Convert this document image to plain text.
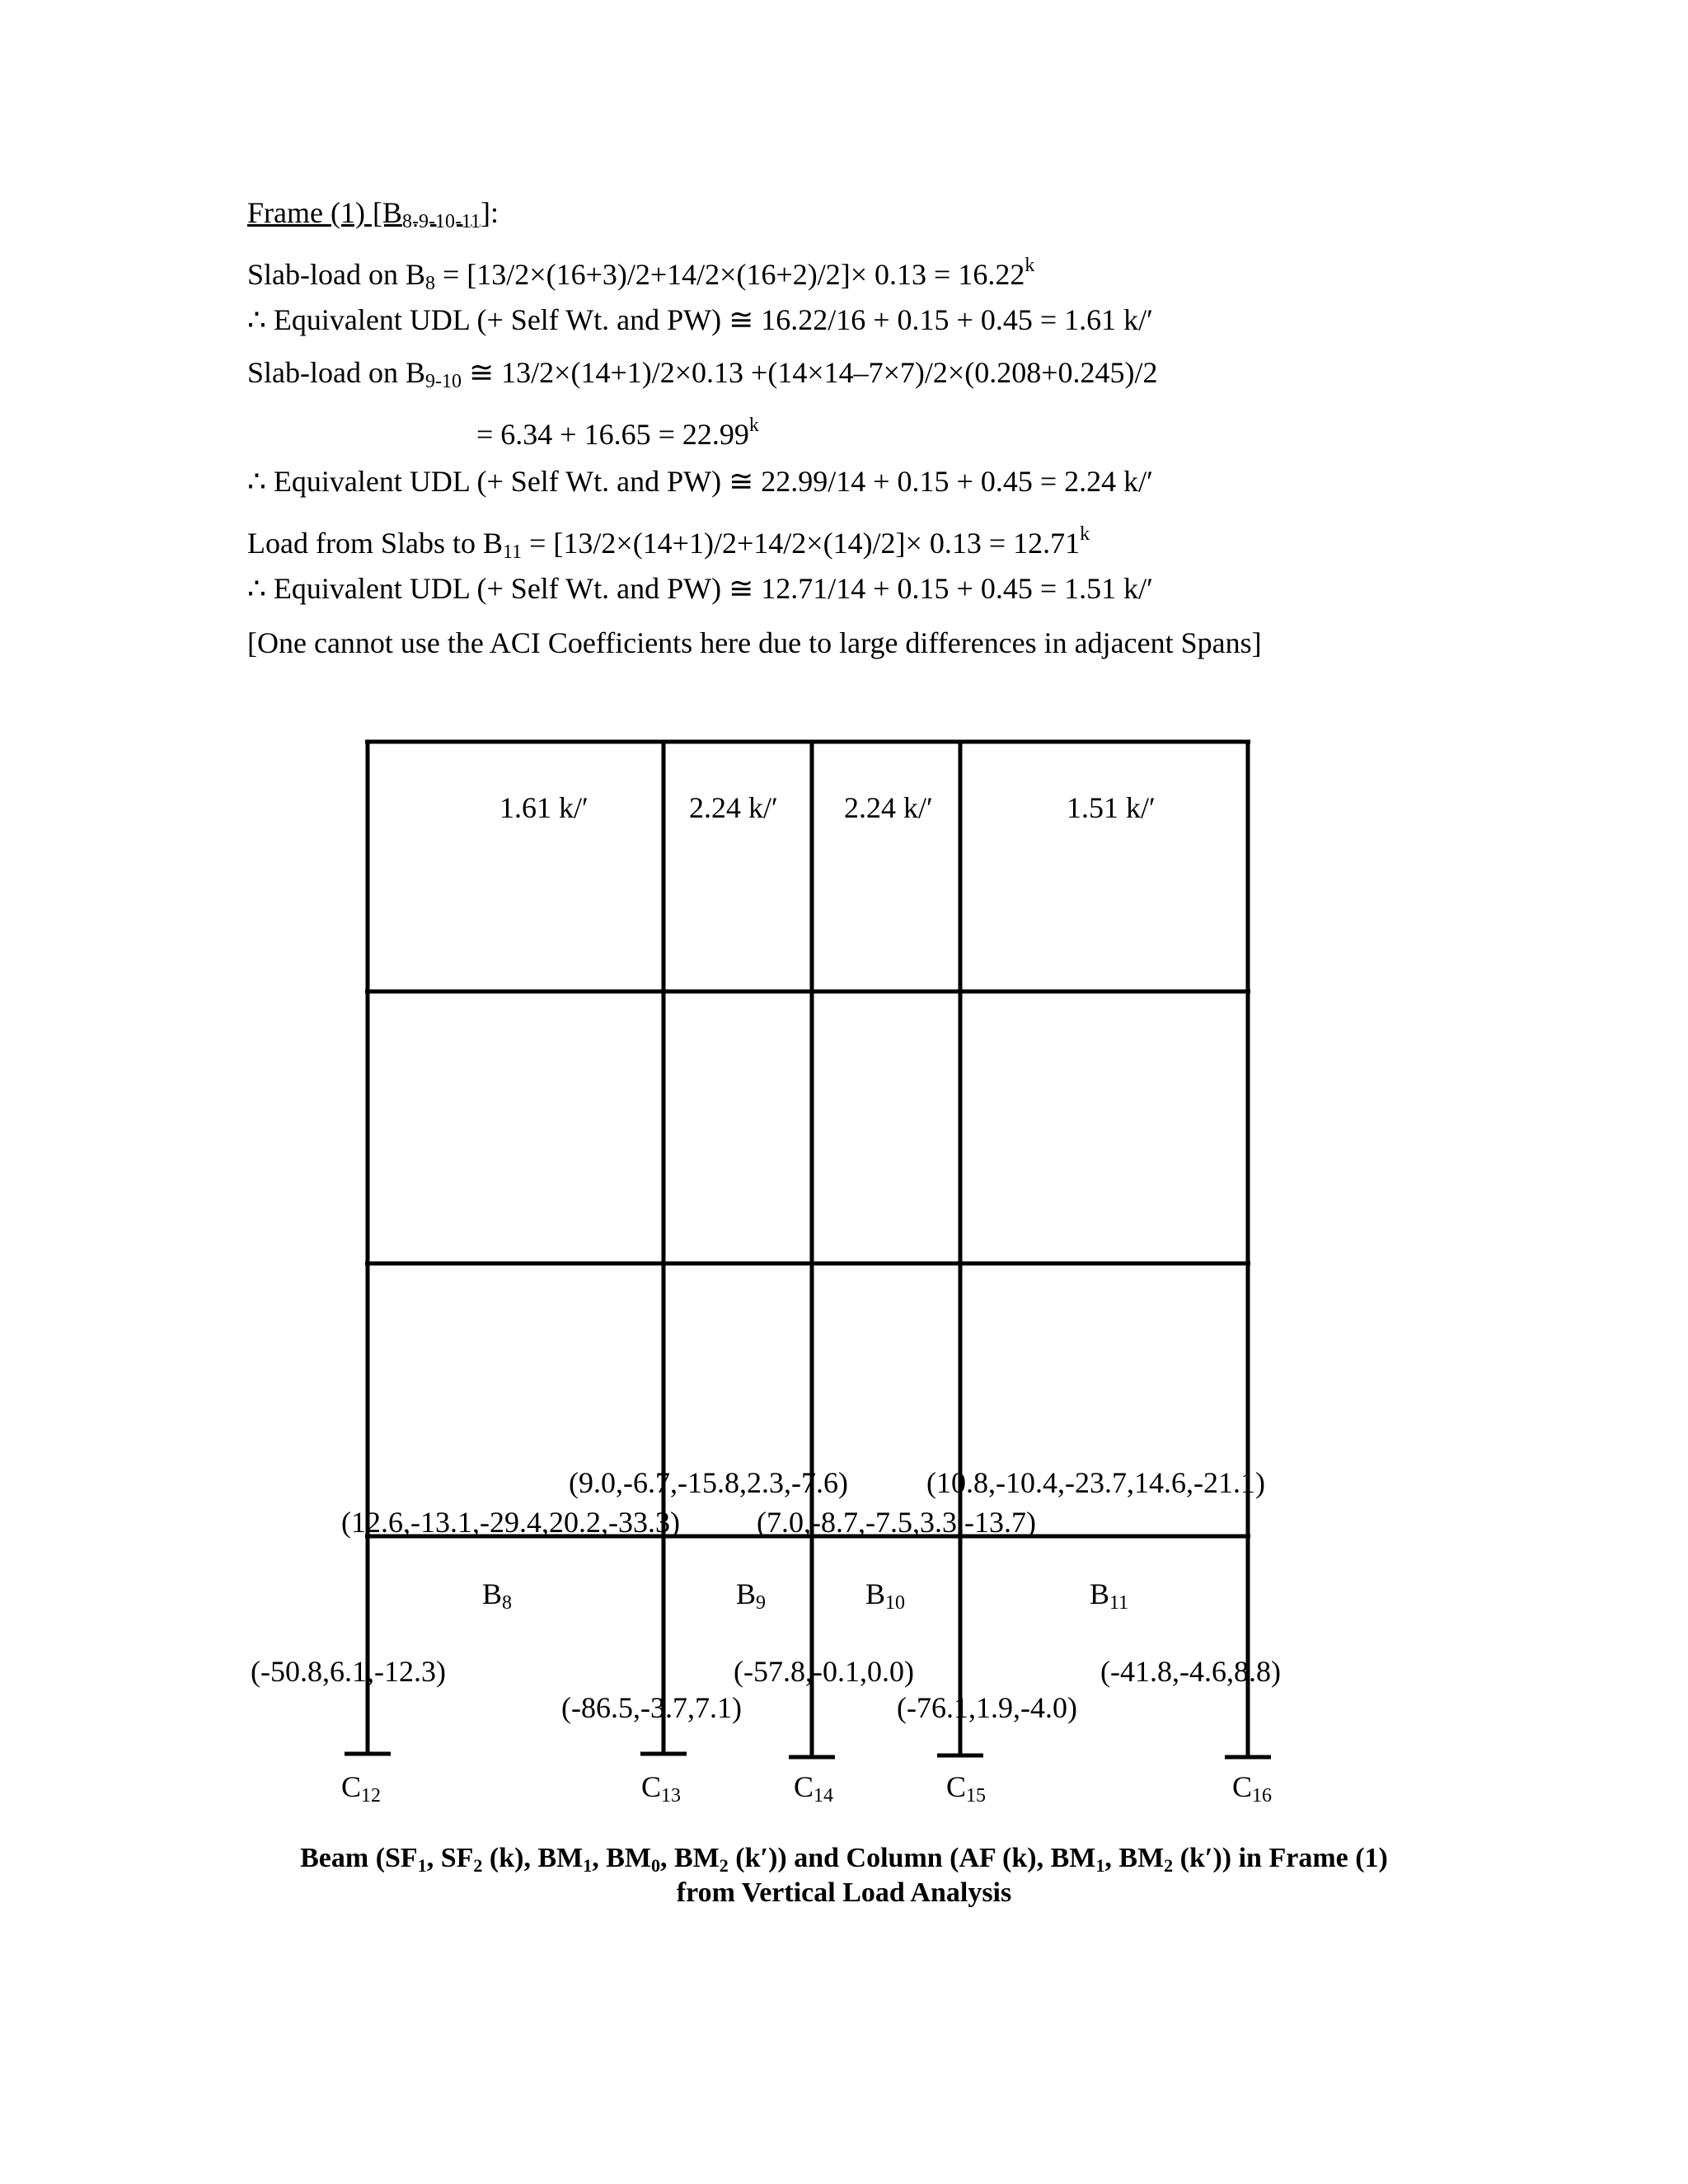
Frame (1) $[B_{8-9-10-11}]$:
Slab-load on $B_8 = [13/2\times(16+3)/2+14/2\times(16+2)/2]\times 0.13 = 16.22^k$
∴ Equivalent UDL (+ Self Wt. and PW) ≅ 16.22/16 + 0.15 + 0.45 = 1.61 k/′
Slab-load on $B_{9-10}$ ≅ 13/2×(14+1)/2×0.13 +(14×14–7×7)/2×(0.208+0.245)/2
= $6.34 + 16.65 = 22.99^k$
∴ Equivalent UDL (+ Self Wt. and PW) ≅ 22.99/14 + 0.15 + 0.45 = 2.24 k/′
Load from Slabs to $B_{11} = [13/2\times(14+1)/2+14/2\times(14)/2]\times 0.13 = 12.71^k$
∴ Equivalent UDL (+ Self Wt. and PW) ≅ 12.71/14 + 0.15 + 0.45 = 1.51 k/′
[One cannot use the ACI Coefficients here due to large differences in adjacent Spans]
1.61 k/′	2.24 k/′ 2.24 k/′	1.51 k/′
(12.6,-13.1,-29.4,20.2,-33.3)
(9.0,-6.7,-15.8,2.3,-7.6)
(7.0,-8.7,-7.5,3.3,-13.7)
(10.8,-10.4,-23.7,14.6,-21.1)
B8	B9	B10	B11
(-50.8,6.1,-12.3)
(-86.5,-3.7,7.1)
(-57.8,-0.1,0.0)
(-76.1,1.9,-4.0)
(-41.8,-4.6,8.8)
C12	C13	C14	C15	C16
Beam ($SF_1$, $SF_2$ (k), $BM_1$, $BM_0$, $BM_2$ (k′)) and Column (AF (k), $BM_1$, $BM_2$ (k′)) in Frame (1)
from Vertical Load Analysis
